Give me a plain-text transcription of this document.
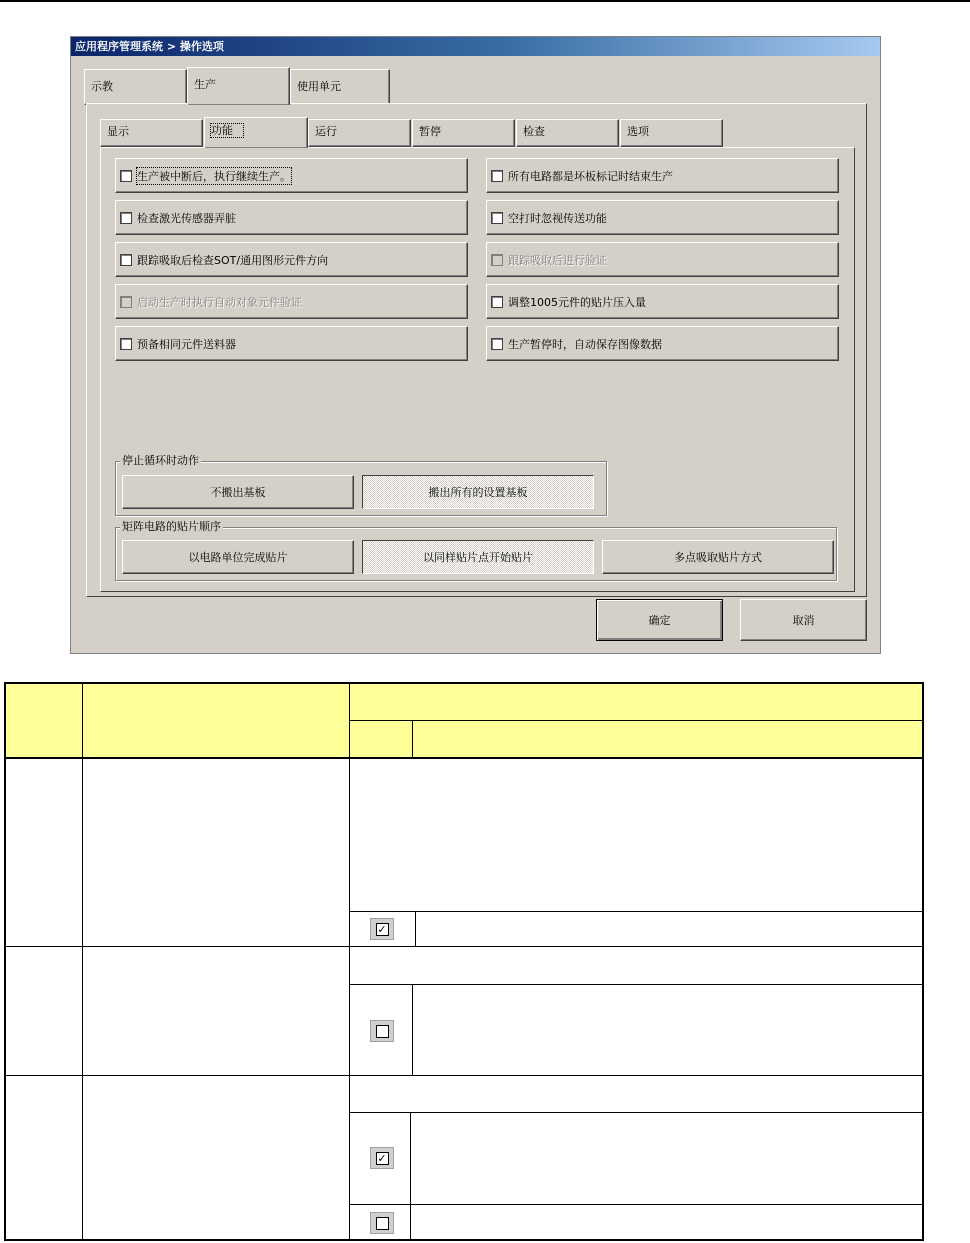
应用程序管理系统 > 操作选项
示教	生产	使用单元
显示	功能	运行	暂停	检查	选项
生产被中断后，执行继续生产。
检查激光传感器弄脏
跟踪吸取后检查SOT/通用图形元件方向
启动生产时执行自动对象元件验证
预备相同元件送料器
所有电路都是坏板标记时结束生产
空打时忽视传送功能
跟踪吸取后进行验证
调整1005元件的贴片压入量
生产暂停时，自动保存图像数据
停止循环时动作
不搬出基板	搬出所有的设置基板
矩阵电路的贴片顺序
以电路单位完成贴片	以同样贴片点开始贴片	多点吸取贴片方式
确定	取消
✓
✓
